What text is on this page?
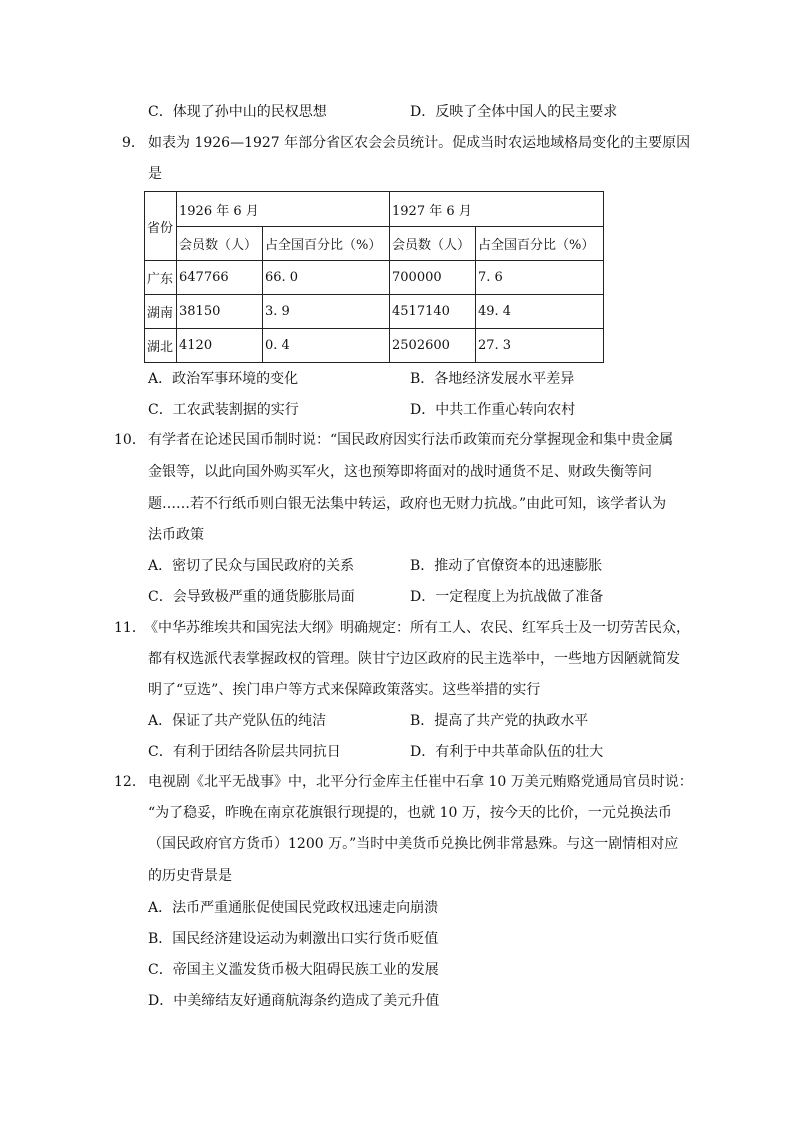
C．体现了孙中山的民权思想	D．反映了全体中国人的民主要求
9． 如表为 1926—1927 年部分省区农会会员统计。促成当时农运地域格局变化的主要原因
是
省份	1926 年 6 月		1927 年 6 月	
	会员数（人）	占全国百分比（%）	会员数（人）	占全国百分比（%）
广东	647766	66. 0	700000	7. 6
湖南	38150	3. 9	4517140	49. 4
湖北	4120	0. 4	2502600	27. 3
A．政治军事环境的变化	B．各地经济发展水平差异
C．工农武装割据的实行	D．中共工作重心转向农村
10． 有学者在论述民国币制时说：“国民政府因实行法币政策而充分掌握现金和集中贵金属
金银等，以此向国外购买军火，这也预筹即将面对的战时通货不足、财政失衡等问
题……若不行纸币则白银无法集中转运，政府也无财力抗战。”由此可知，该学者认为
法币政策
A．密切了民众与国民政府的关系	B．推动了官僚资本的迅速膨胀
C．会导致极严重的通货膨胀局面	D．一定程度上为抗战做了准备
11．
《中华苏维埃共和国宪法大纲》明确规定：所有工人、农民、红军兵士及一切劳苦民众，
都有权选派代表掌握政权的管理。陕甘宁边区政府的民主选举中，一些地方因陋就简发
明了“豆选”、挨门串户等方式来保障政策落实。这些举措的实行
A．保证了共产党队伍的纯洁	B．提高了共产党的执政水平
C．有利于团结各阶层共同抗日	D．有利于中共革命队伍的壮大
12． 电视剧《北平无战事》中，北平分行金库主任崔中石拿 10 万美元贿赂党通局官员时说：
“为了稳妥，昨晚在南京花旗银行现提的，也就 10 万，按今天的比价，一元兑换法币
（国民政府官方货币）1200 万。”当时中美货币兑换比例非常悬殊。与这一剧情相对应
的历史背景是
A．法币严重通胀促使国民党政权迅速走向崩溃
B．国民经济建设运动为刺激出口实行货币贬值
C．帝国主义滥发货币极大阻碍民族工业的发展
D．中美缔结友好通商航海条约造成了美元升值
